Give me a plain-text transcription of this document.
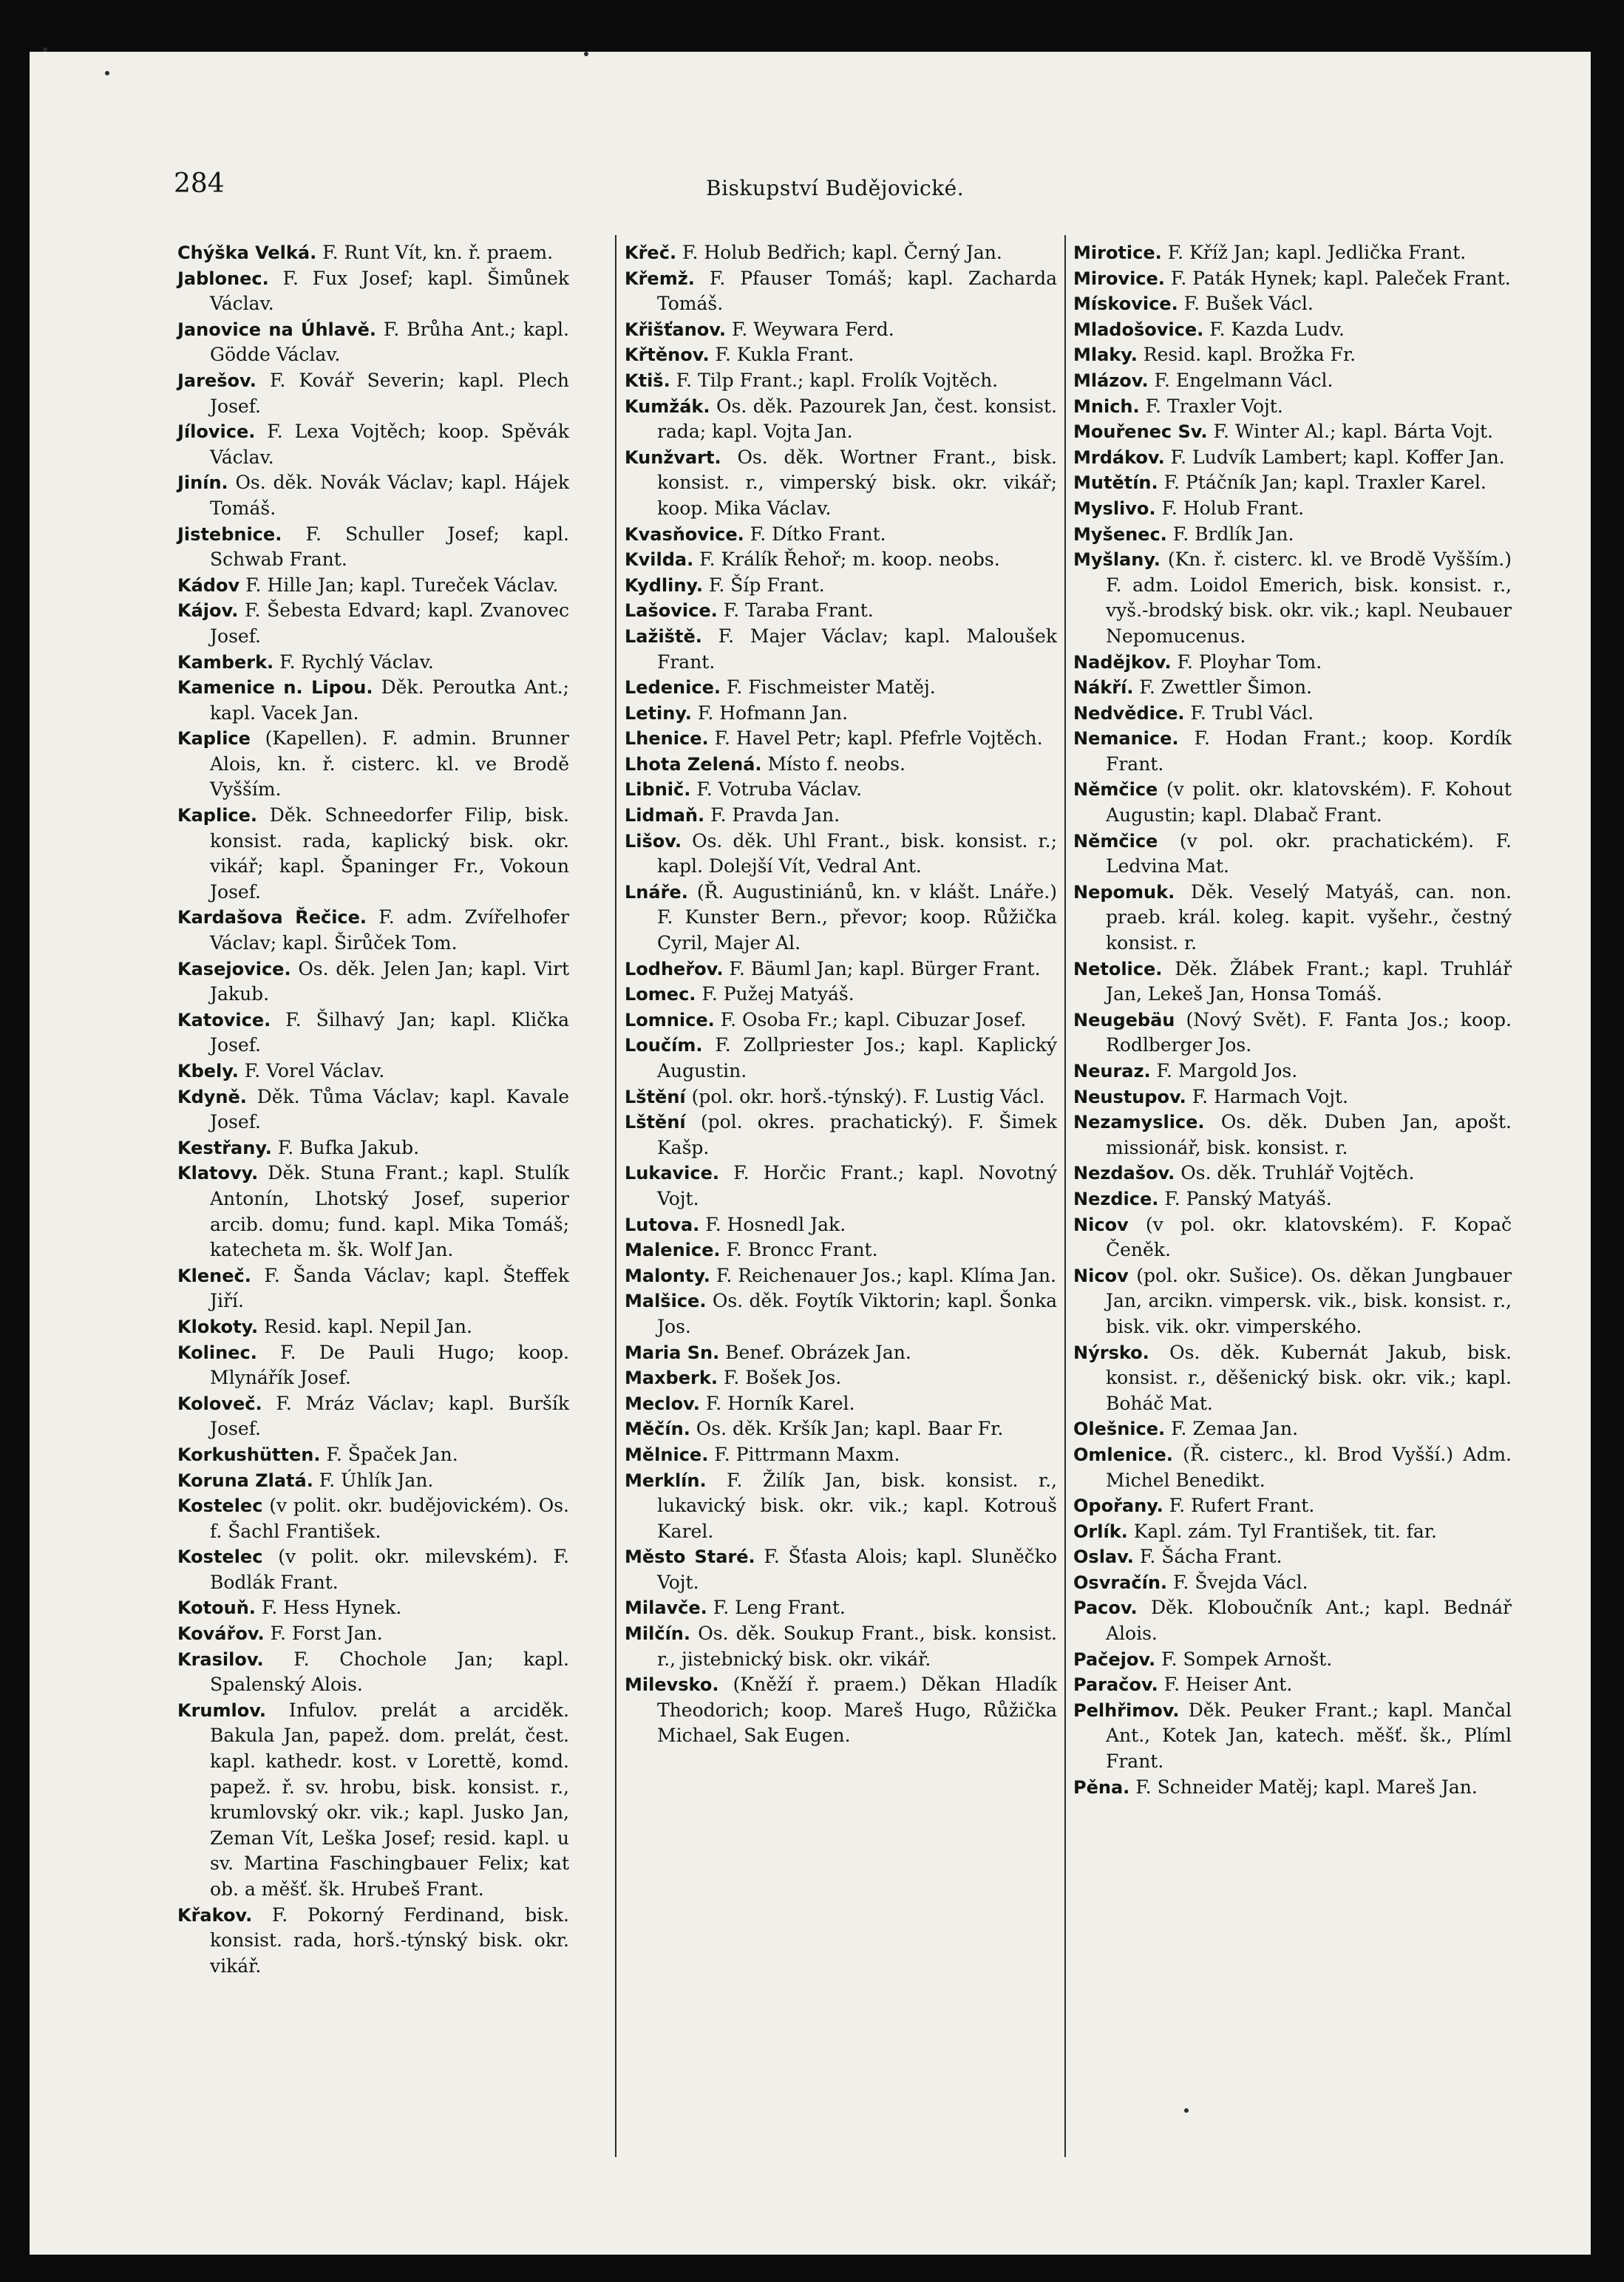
284	Biskupství Budějovické.

Chýška Velká. F. Runt Vít, kn. ř. praem.

Jablonec. F. Fux Josef; kapl. Šimůnek Václav.

Janovice na Úhlavě. F. Brůha Ant.; kapl. Gödde Václav.

Jarešov. F. Kovář Severin; kapl. Plech Josef.

Jílovice. F. Lexa Vojtěch; koop. Spěvák Václav.

Jinín. Os. děk. Novák Václav; kapl. Hájek Tomáš.

Jistebnice. F. Schuller Josef; kapl. Schwab Frant.

Kádov F. Hille Jan; kapl. Tureček Václav.

Kájov. F. Šebesta Edvard; kapl. Zvanovec Josef.

Kamberk. F. Rychlý Václav.

Kamenice n. Lipou. Děk. Peroutka Ant.; kapl. Vacek Jan.

Kaplice (Kapellen). F. admin. Brunner Alois, kn. ř. cisterc. kl. ve Brodě Vyšším.

Kaplice. Děk. Schneedorfer Filip, bisk. konsist. rada, kaplický bisk. okr. vikář; kapl. Španinger Fr., Vokoun Josef.

Kardašova Řečice. F. adm. Zvířelhofer Václav; kapl. Širůček Tom.

Kasejovice. Os. děk. Jelen Jan; kapl. Virt Jakub.

Katovice. F. Šilhavý Jan; kapl. Klička Josef.

Kbely. F. Vorel Václav.

Kdyně. Děk. Tůma Václav; kapl. Kavale Josef.

Kestřany. F. Bufka Jakub.

Klatovy. Děk. Stuna Frant.; kapl. Stulík Antonín, Lhotský Josef, superior arcib. domu; fund. kapl. Mika Tomáš; katecheta m. šk. Wolf Jan.

Kleneč. F. Šanda Václav; kapl. Šteffek Jiří.

Klokoty. Resid. kapl. Nepil Jan.

Kolinec. F. De Pauli Hugo; koop. Mlynářík Josef.

Koloveč. F. Mráz Václav; kapl. Buršík Josef.

Korkushütten. F. Špaček Jan.

Koruna Zlatá. F. Úhlík Jan.

Kostelec (v polit. okr. budějovickém). Os. f. Šachl František.

Kostelec (v polit. okr. milevském). F. Bodlák Frant.

Kotouň. F. Hess Hynek.

Kovářov. F. Forst Jan.

Krasilov. F. Chochole Jan; kapl. Spalenský Alois.

Krumlov. Infulov. prelát a arciděk. Bakula Jan, papež. dom. prelát, čest. kapl. kathedr. kost. v Lorettě, komd. papež. ř. sv. hrobu, bisk. konsist. r., krumlovský okr. vik.; kapl. Jusko Jan, Zeman Vít, Leška Josef; resid. kapl. u sv. Martina Faschingbauer Felix; kat ob. a měšť. šk. Hrubeš Frant.

Křakov. F. Pokorný Ferdinand, bisk. konsist. rada, horš.-týnský bisk. okr. vikář.

Křeč. F. Holub Bedřich; kapl. Černý Jan.

Křemž. F. Pfauser Tomáš; kapl. Zacharda Tomáš.

Křišťanov. F. Weywara Ferd.

Křtěnov. F. Kukla Frant.

Ktiš. F. Tilp Frant.; kapl. Frolík Vojtěch.

Kumžák. Os. děk. Pazourek Jan, čest. konsist. rada; kapl. Vojta Jan.

Kunžvart. Os. děk. Wortner Frant., bisk. konsist. r., vimperský bisk. okr. vikář; koop. Mika Václav.

Kvasňovice. F. Dítko Frant.

Kvilda. F. Králík Řehoř; m. koop. neobs.

Kydliny. F. Šíp Frant.

Lašovice. F. Taraba Frant.

Lažiště. F. Majer Václav; kapl. Maloušek Frant.

Ledenice. F. Fischmeister Matěj.

Letiny. F. Hofmann Jan.

Lhenice. F. Havel Petr; kapl. Pfefrle Vojtěch.

Lhota Zelená. Místo f. neobs.

Libnič. F. Votruba Václav.

Lidmaň. F. Pravda Jan.

Lišov. Os. děk. Uhl Frant., bisk. konsist. r.; kapl. Dolejší Vít, Vedral Ant.

Lnáře. (Ř. Augustiniánů, kn. v klášt. Lnáře.) F. Kunster Bern., převor; koop. Růžička Cyril, Majer Al.

Lodheřov. F. Bäuml Jan; kapl. Bürger Frant.

Lomec. F. Pužej Matyáš.

Lomnice. F. Osoba Fr.; kapl. Cibuzar Josef.

Loučím. F. Zollpriester Jos.; kapl. Kaplický Augustin.

Lštění (pol. okr. horš.-týnský). F. Lustig Václ.

Lštění (pol. okres. prachatický). F. Šimek Kašp.

Lukavice. F. Horčic Frant.; kapl. Novotný Vojt.

Lutova. F. Hosnedl Jak.

Malenice. F. Broncc Frant.

Malonty. F. Reichenauer Jos.; kapl. Klíma Jan.

Malšice. Os. děk. Foytík Viktorin; kapl. Šonka Jos.

Maria Sn. Benef. Obrázek Jan.

Maxberk. F. Bošek Jos.

Meclov. F. Horník Karel.

Měčín. Os. děk. Kršík Jan; kapl. Baar Fr.

Mělnice. F. Pittrmann Maxm.

Merklín. F. Žilík Jan, bisk. konsist. r., lukavický bisk. okr. vik.; kapl. Kotrouš Karel.

Město Staré. F. Šťasta Alois; kapl. Sluněčko Vojt.

Milavče. F. Leng Frant.

Milčín. Os. děk. Soukup Frant., bisk. konsist. r., jistebnický bisk. okr. vikář.

Milevsko. (Kněží ř. praem.) Děkan Hladík Theodorich; koop. Mareš Hugo, Růžička Michael, Sak Eugen.

Mirotice. F. Kříž Jan; kapl. Jedlička Frant.

Mirovice. F. Paták Hynek; kapl. Paleček Frant.

Mískovice. F. Bušek Václ.

Mladošovice. F. Kazda Ludv.

Mlaky. Resid. kapl. Brožka Fr.

Mlázov. F. Engelmann Václ.

Mnich. F. Traxler Vojt.

Mouřenec Sv. F. Winter Al.; kapl. Bárta Vojt.

Mrdákov. F. Ludvík Lambert; kapl. Koffer Jan.

Mutětín. F. Ptáčník Jan; kapl. Traxler Karel.

Myslivo. F. Holub Frant.

Myšenec. F. Brdlík Jan.

Myšlany. (Kn. ř. cisterc. kl. ve Brodě Vyšším.) F. adm. Loidol Emerich, bisk. konsist. r., vyš.-brodský bisk. okr. vik.; kapl. Neubauer Nepomucenus.

Nadějkov. F. Ployhar Tom.

Nákří. F. Zwettler Šimon.

Nedvědice. F. Trubl Václ.

Nemanice. F. Hodan Frant.; koop. Kordík Frant.

Němčice (v polit. okr. klatovském). F. Kohout Augustin; kapl. Dlabač Frant.

Němčice (v pol. okr. prachatickém). F. Ledvina Mat.

Nepomuk. Děk. Veselý Matyáš, can. non. praeb. král. koleg. kapit. vyšehr., čestný konsist. r.

Netolice. Děk. Žlábek Frant.; kapl. Truhlář Jan, Lekeš Jan, Honsa Tomáš.

Neugebäu (Nový Svět). F. Fanta Jos.; koop. Rodlberger Jos.

Neuraz. F. Margold Jos.

Neustupov. F. Harmach Vojt.

Nezamyslice. Os. děk. Duben Jan, apošt. missionář, bisk. konsist. r.

Nezdašov. Os. děk. Truhlář Vojtěch.

Nezdice. F. Panský Matyáš.

Nicov (v pol. okr. klatovském). F. Kopač Čeněk.

Nicov (pol. okr. Sušice). Os. děkan Jungbauer Jan, arcikn. vimpersk. vik., bisk. konsist. r., bisk. vik. okr. vimperského.

Nýrsko. Os. děk. Kubernát Jakub, bisk. konsist. r., děšenický bisk. okr. vik.; kapl. Boháč Mat.

Olešnice. F. Zemaa Jan.

Omlenice. (Ř. cisterc., kl. Brod Vyšší.) Adm. Michel Benedikt.

Opořany. F. Rufert Frant.

Orlík. Kapl. zám. Tyl František, tit. far.

Oslav. F. Šácha Frant.

Osvračín. F. Švejda Václ.

Pacov. Děk. Kloboučník Ant.; kapl. Bednář Alois.

Pačejov. F. Sompek Arnošt.

Paračov. F. Heiser Ant.

Pelhřimov. Děk. Peuker Frant.; kapl. Mančal Ant., Kotek Jan, katech. měšť. šk., Plíml Frant.

Pěna. F. Schneider Matěj; kapl. Mareš Jan.
